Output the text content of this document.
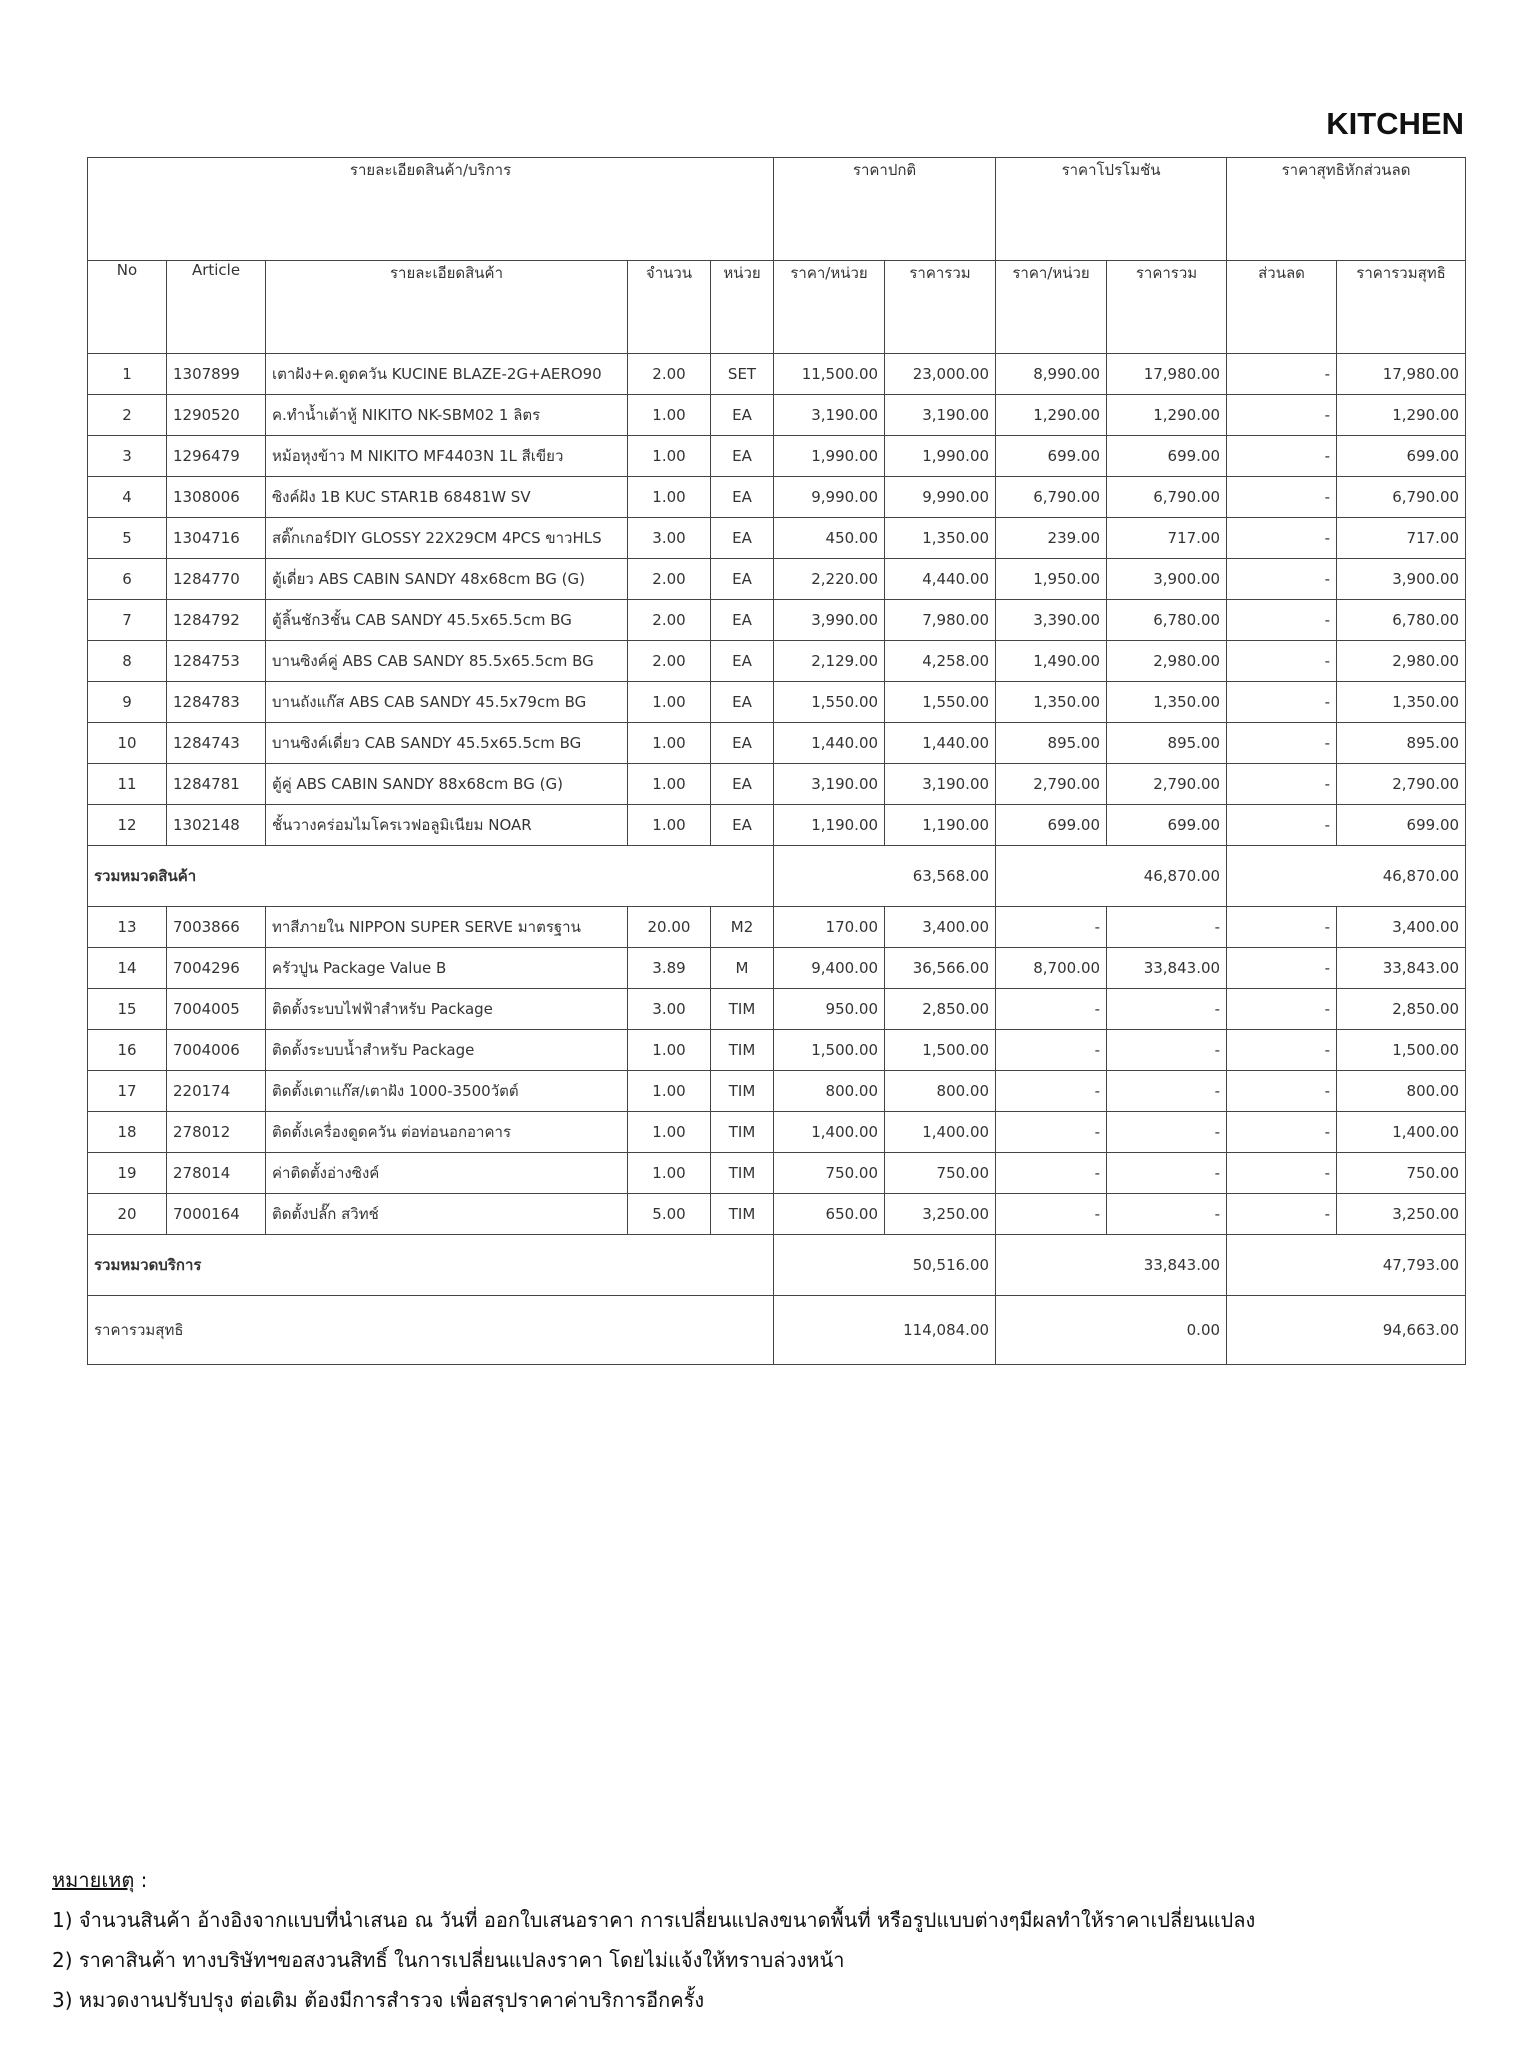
KITCHEN
รายละเอียดสินค้า/บริการ					ราคาปกติ		ราคาโปรโมชัน		ราคาสุทธิหักส่วนลด	
No	Article	รายละเอียดสินค้า	จำนวน	หน่วย	ราคา/หน่วย	ราคารวม	ราคา/หน่วย	ราคารวม	ส่วนลด	ราคารวมสุทธิ
1	1307899	เตาฝัง+ค.ดูดควัน KUCINE BLAZE-2G+AERO90	2.00	SET	11,500.00	23,000.00	8,990.00	17,980.00	-	17,980.00
2	1290520	ค.ทำน้ำเต้าหู้ NIKITO NK-SBM02 1 ลิตร	1.00	EA	3,190.00	3,190.00	1,290.00	1,290.00	-	1,290.00
3	1296479	หม้อหุงข้าว M NIKITO MF4403N 1L สีเขียว	1.00	EA	1,990.00	1,990.00	699.00	699.00	-	699.00
4	1308006	ซิงค์ฝัง 1B KUC STAR1B 68481W SV	1.00	EA	9,990.00	9,990.00	6,790.00	6,790.00	-	6,790.00
5	1304716	สติ๊กเกอร์DIY GLOSSY 22X29CM 4PCS ขาวHLS	3.00	EA	450.00	1,350.00	239.00	717.00	-	717.00
6	1284770	ตู้เดี่ยว ABS CABIN SANDY 48x68cm BG (G)	2.00	EA	2,220.00	4,440.00	1,950.00	3,900.00	-	3,900.00
7	1284792	ตู้ลิ้นชัก3ชั้น CAB SANDY 45.5x65.5cm BG	2.00	EA	3,990.00	7,980.00	3,390.00	6,780.00	-	6,780.00
8	1284753	บานซิงค์คู่ ABS CAB SANDY 85.5x65.5cm BG	2.00	EA	2,129.00	4,258.00	1,490.00	2,980.00	-	2,980.00
9	1284783	บานถังแก๊ส ABS CAB SANDY 45.5x79cm BG	1.00	EA	1,550.00	1,550.00	1,350.00	1,350.00	-	1,350.00
10	1284743	บานซิงค์เดี่ยว CAB SANDY 45.5x65.5cm BG	1.00	EA	1,440.00	1,440.00	895.00	895.00	-	895.00
11	1284781	ตู้คู่ ABS CABIN SANDY 88x68cm BG (G)	1.00	EA	3,190.00	3,190.00	2,790.00	2,790.00	-	2,790.00
12	1302148	ชั้นวางคร่อมไมโครเวฟอลูมิเนียม NOAR	1.00	EA	1,190.00	1,190.00	699.00	699.00	-	699.00
รวมหมวดสินค้า					63,568.00		46,870.00		46,870.00	
13	7003866	ทาสีภายใน NIPPON SUPER SERVE มาตรฐาน	20.00	M2	170.00	3,400.00	-	-	-	3,400.00
14	7004296	ครัวปูน Package Value B	3.89	M	9,400.00	36,566.00	8,700.00	33,843.00	-	33,843.00
15	7004005	ติดตั้งระบบไฟฟ้าสำหรับ Package	3.00	TIM	950.00	2,850.00	-	-	-	2,850.00
16	7004006	ติดตั้งระบบน้ำสำหรับ Package	1.00	TIM	1,500.00	1,500.00	-	-	-	1,500.00
17	220174	ติดตั้งเตาแก๊ส/เตาฝัง 1000-3500วัตต์	1.00	TIM	800.00	800.00	-	-	-	800.00
18	278012	ติดตั้งเครื่องดูดควัน ต่อท่อนอกอาคาร	1.00	TIM	1,400.00	1,400.00	-	-	-	1,400.00
19	278014	ค่าติดตั้งอ่างซิงค์	1.00	TIM	750.00	750.00	-	-	-	750.00
20	7000164	ติดตั้งปลั๊ก สวิทช์	5.00	TIM	650.00	3,250.00	-	-	-	3,250.00
รวมหมวดบริการ					50,516.00		33,843.00		47,793.00	
ราคารวมสุทธิ					114,084.00		0.00		94,663.00	
หมายเหตุ :
1) จำนวนสินค้า อ้างอิงจากแบบที่นำเสนอ ณ วันที่ ออกใบเสนอราคา การเปลี่ยนแปลงขนาดพื้นที่ หรือรูปแบบต่างๆมีผลทำให้ราคาเปลี่ยนแปลง
2) ราคาสินค้า ทางบริษัทฯขอสงวนสิทธิ์ ในการเปลี่ยนแปลงราคา โดยไม่แจ้งให้ทราบล่วงหน้า
3) หมวดงานปรับปรุง ต่อเติม ต้องมีการสำรวจ เพื่อสรุปราคาค่าบริการอีกครั้ง
